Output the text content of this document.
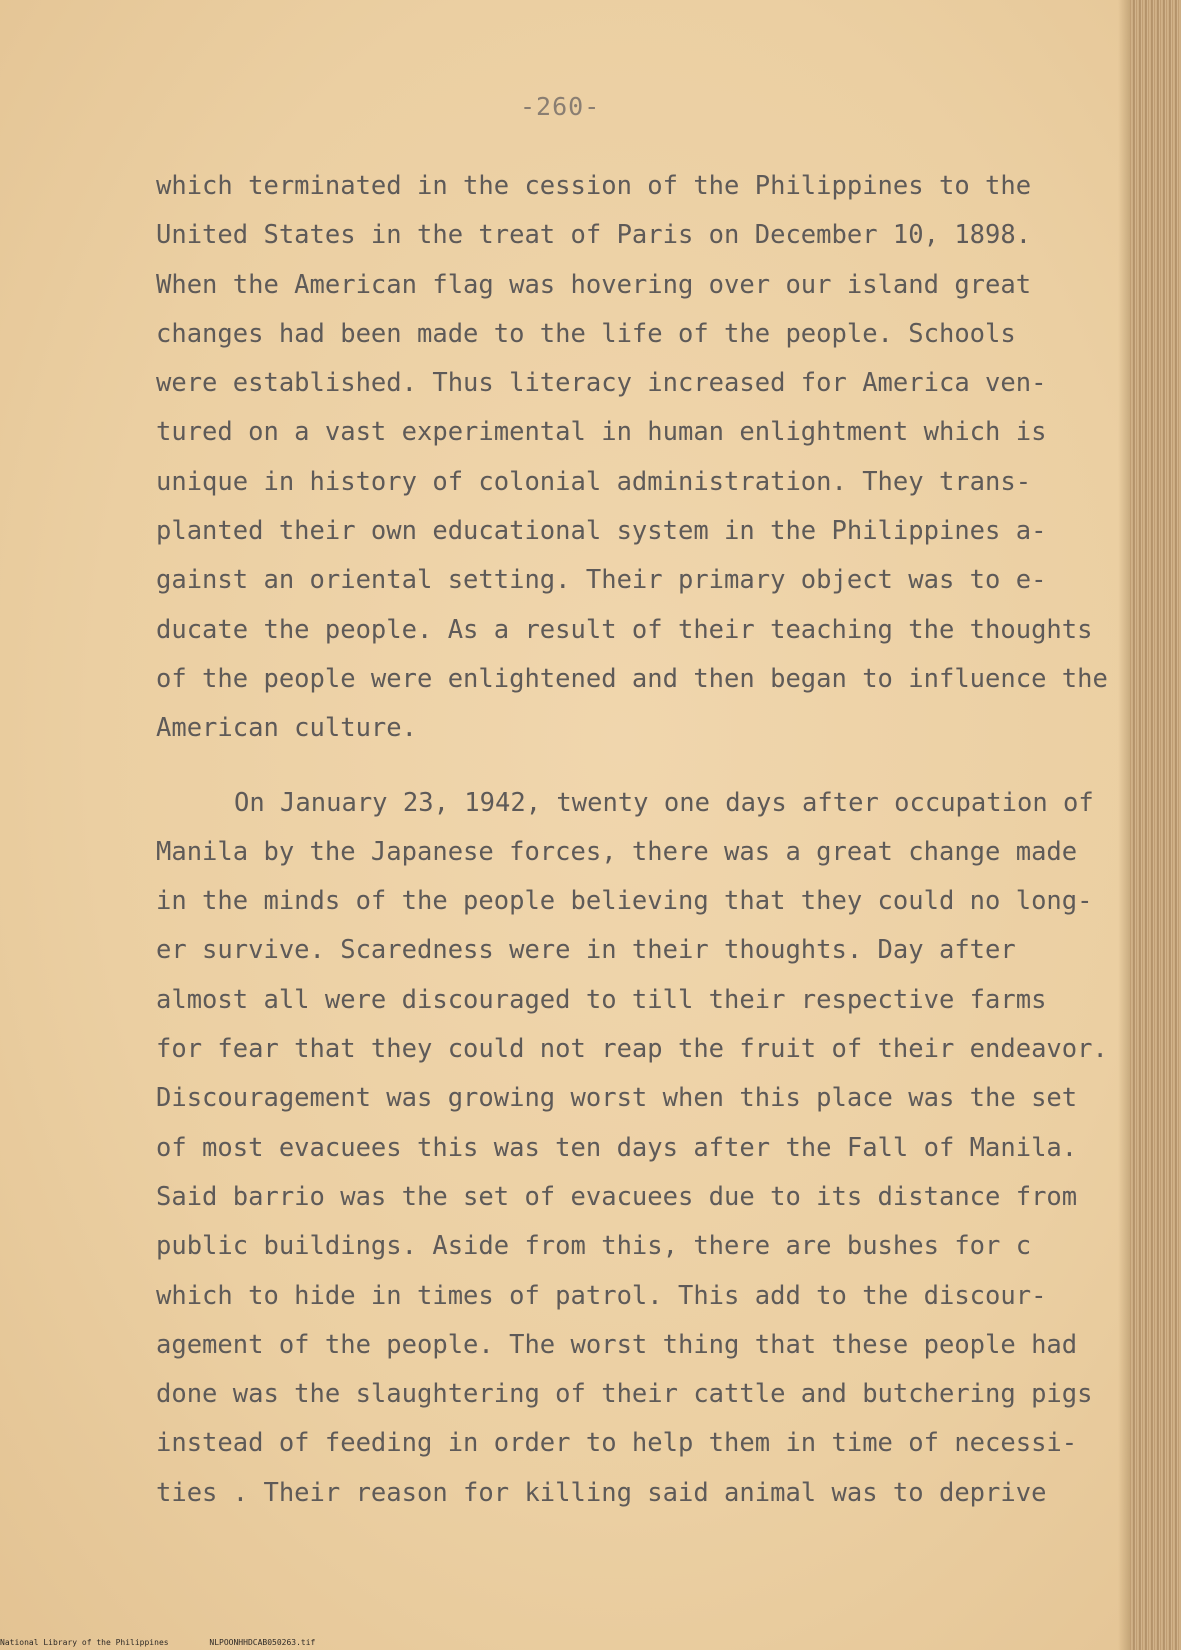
-260-
which terminated in the cession of the Philippines to the
United States in the treat of Paris on December 10, 1898.
When the American flag was hovering over our island great
changes had been made to the life of the people. Schools
were established. Thus literacy increased for America ven-
tured on a vast experimental in human enlightment which is
unique in history of colonial administration. They trans-
planted their own educational system in the Philippines a-
gainst an oriental setting. Their primary object was to e-
ducate the people. As a result of their teaching the thoughts
of the people were enlightened and then began to influence the
American culture.
On January 23, 1942, twenty one days after occupation of
Manila by the Japanese forces, there was a great change made
in the minds of the people believing that they could no long-
er survive. Scaredness were in their thoughts. Day after
almost all were discouraged to till their respective farms
for fear that they could not reap the fruit of their endeavor.
Discouragement was growing worst when this place was the set
of most evacuees this was ten days after the Fall of Manila.
Said barrio was the set of evacuees due to its distance from
public buildings. Aside from this, there are bushes for c
which to hide in times of patrol. This add to the discour-
agement of the people. The worst thing that these people had
done was the slaughtering of their cattle and butchering pigs
instead of feeding in order to help them in time of necessi-
ties . Their reason for killing said animal was to deprive
National Library of the Philippines	NLPOONHHDCAB050263.tif
